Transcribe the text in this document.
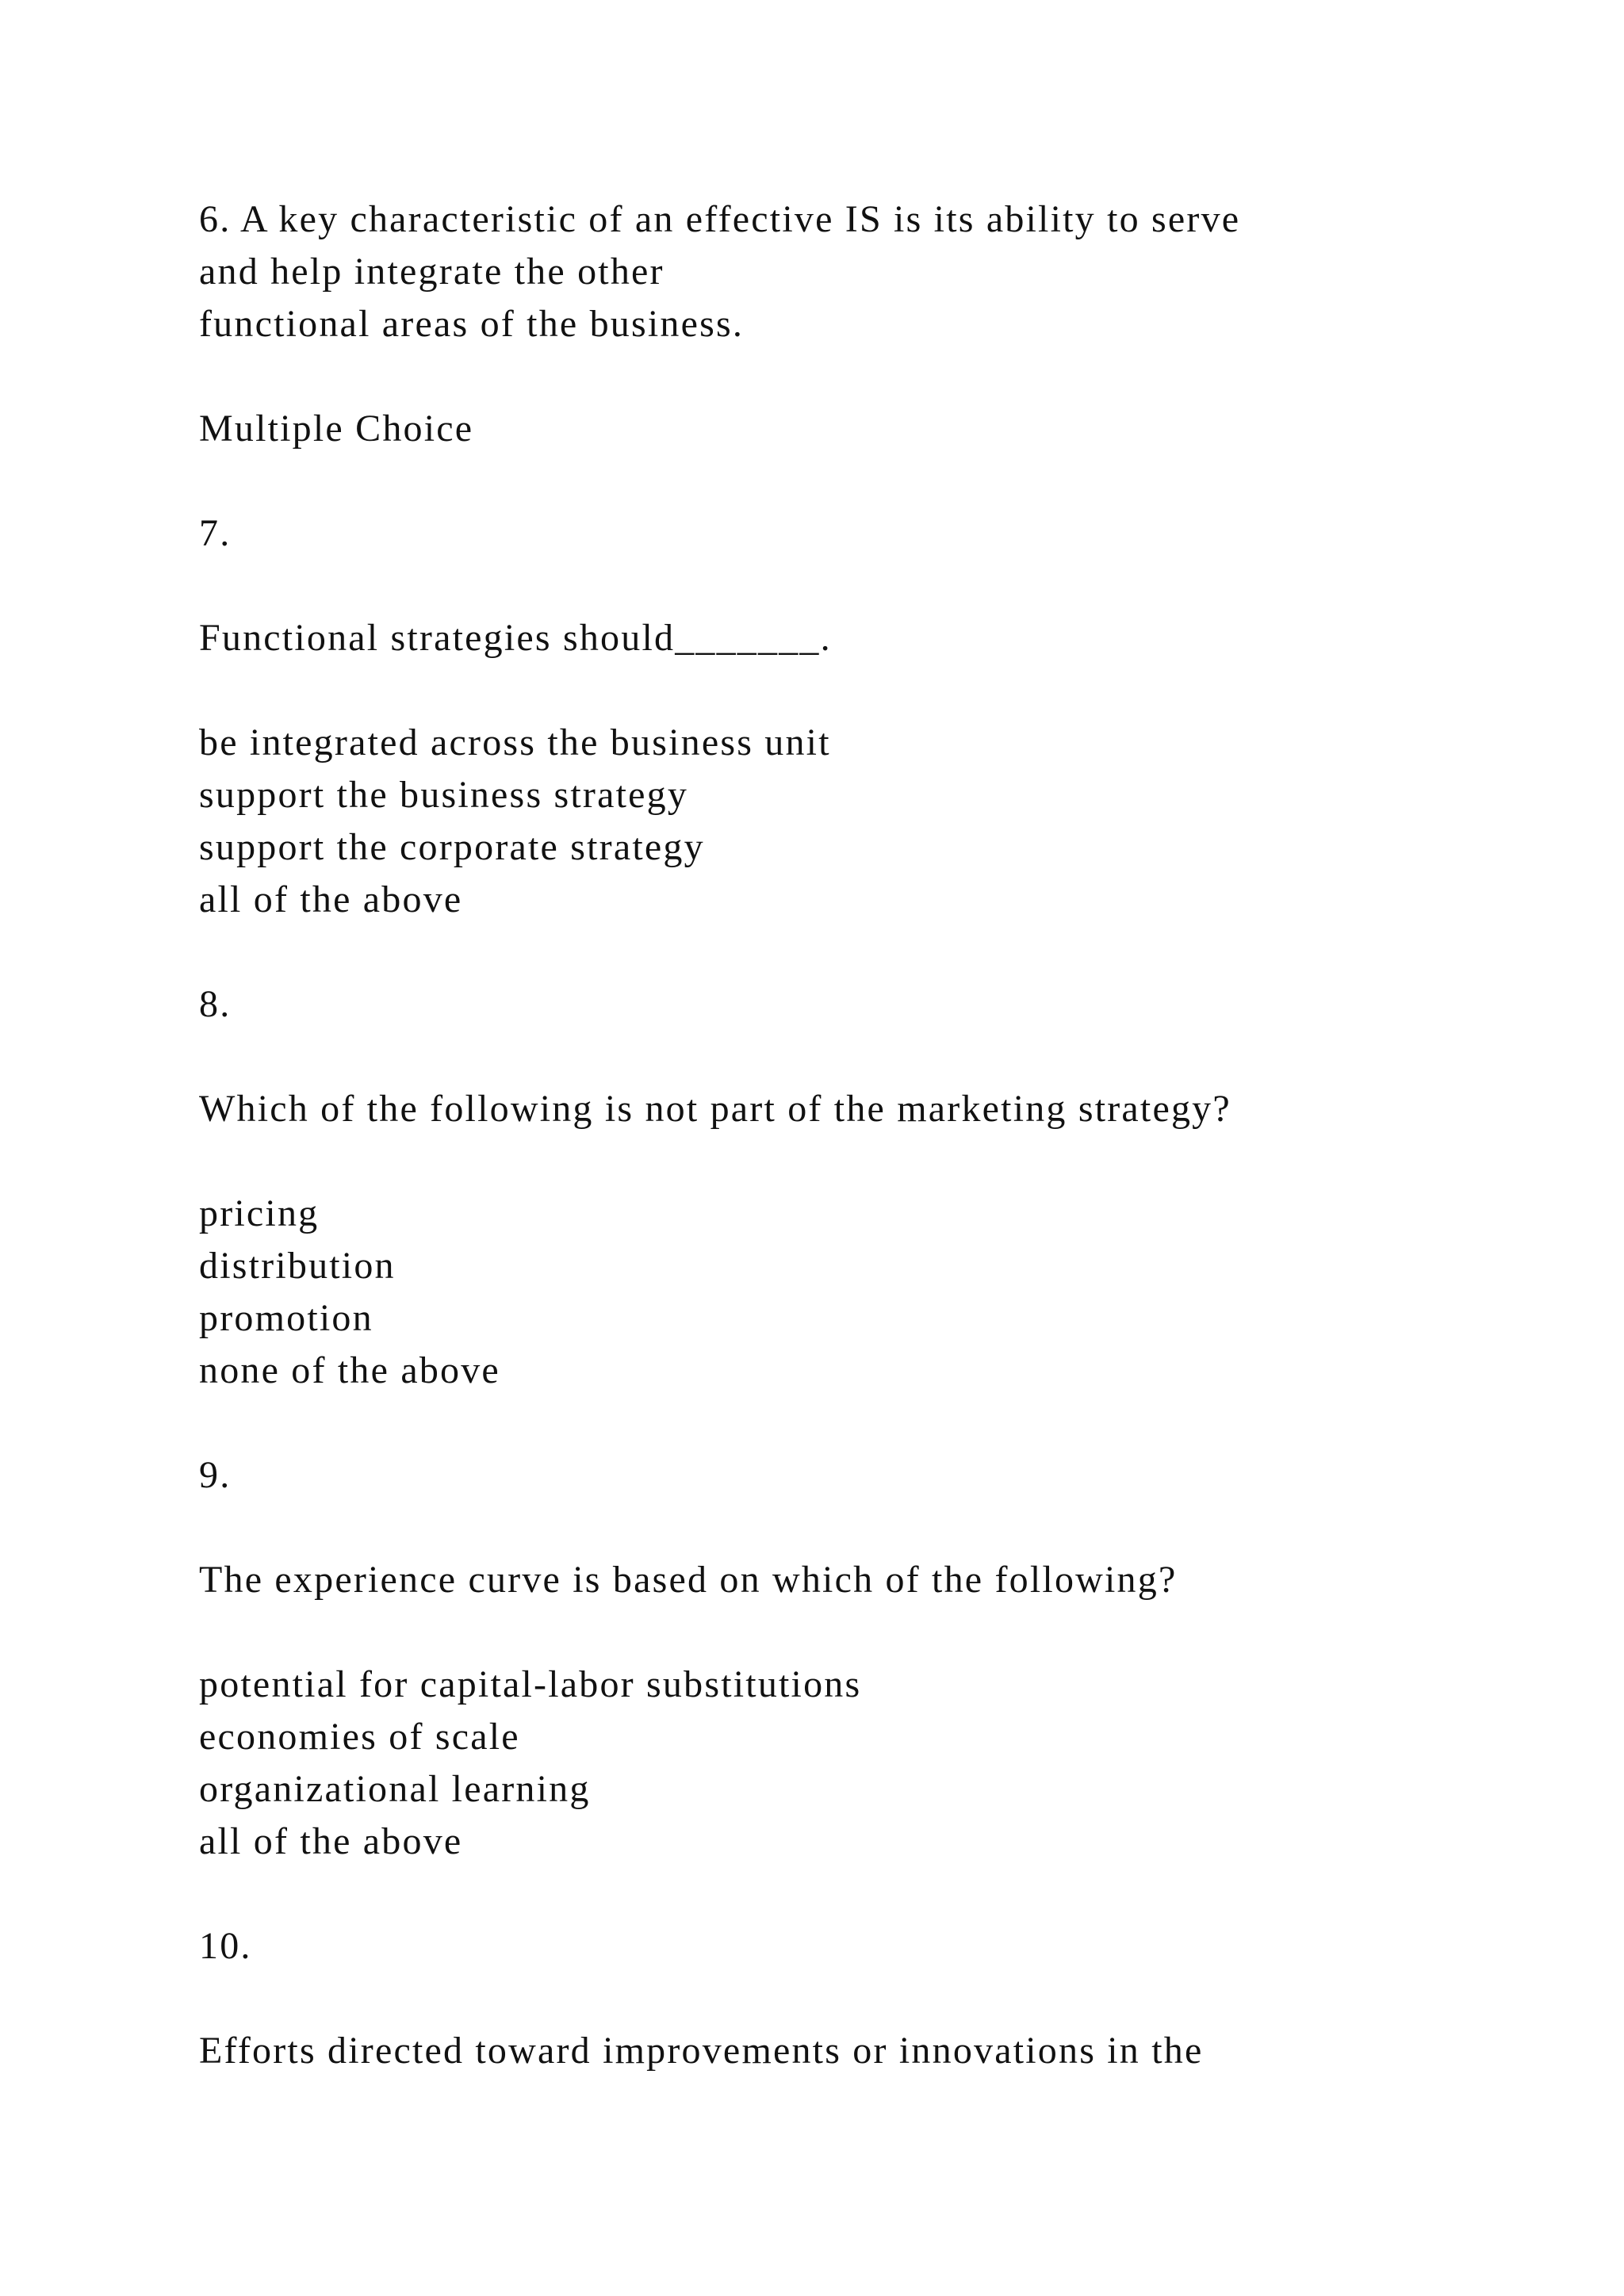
6. A key characteristic of an effective IS is its ability to serve
and help integrate the other
functional areas of the business.
Multiple Choice
7.
Functional strategies should_______.
be integrated across the business unit
support the business strategy
support the corporate strategy
all of the above
8.
Which of the following is not part of the marketing strategy?
pricing
distribution
promotion
none of the above
9.
The experience curve is based on which of the following?
potential for capital-labor substitutions
economies of scale
organizational learning
all of the above
10.
Efforts directed toward improvements or innovations in the
